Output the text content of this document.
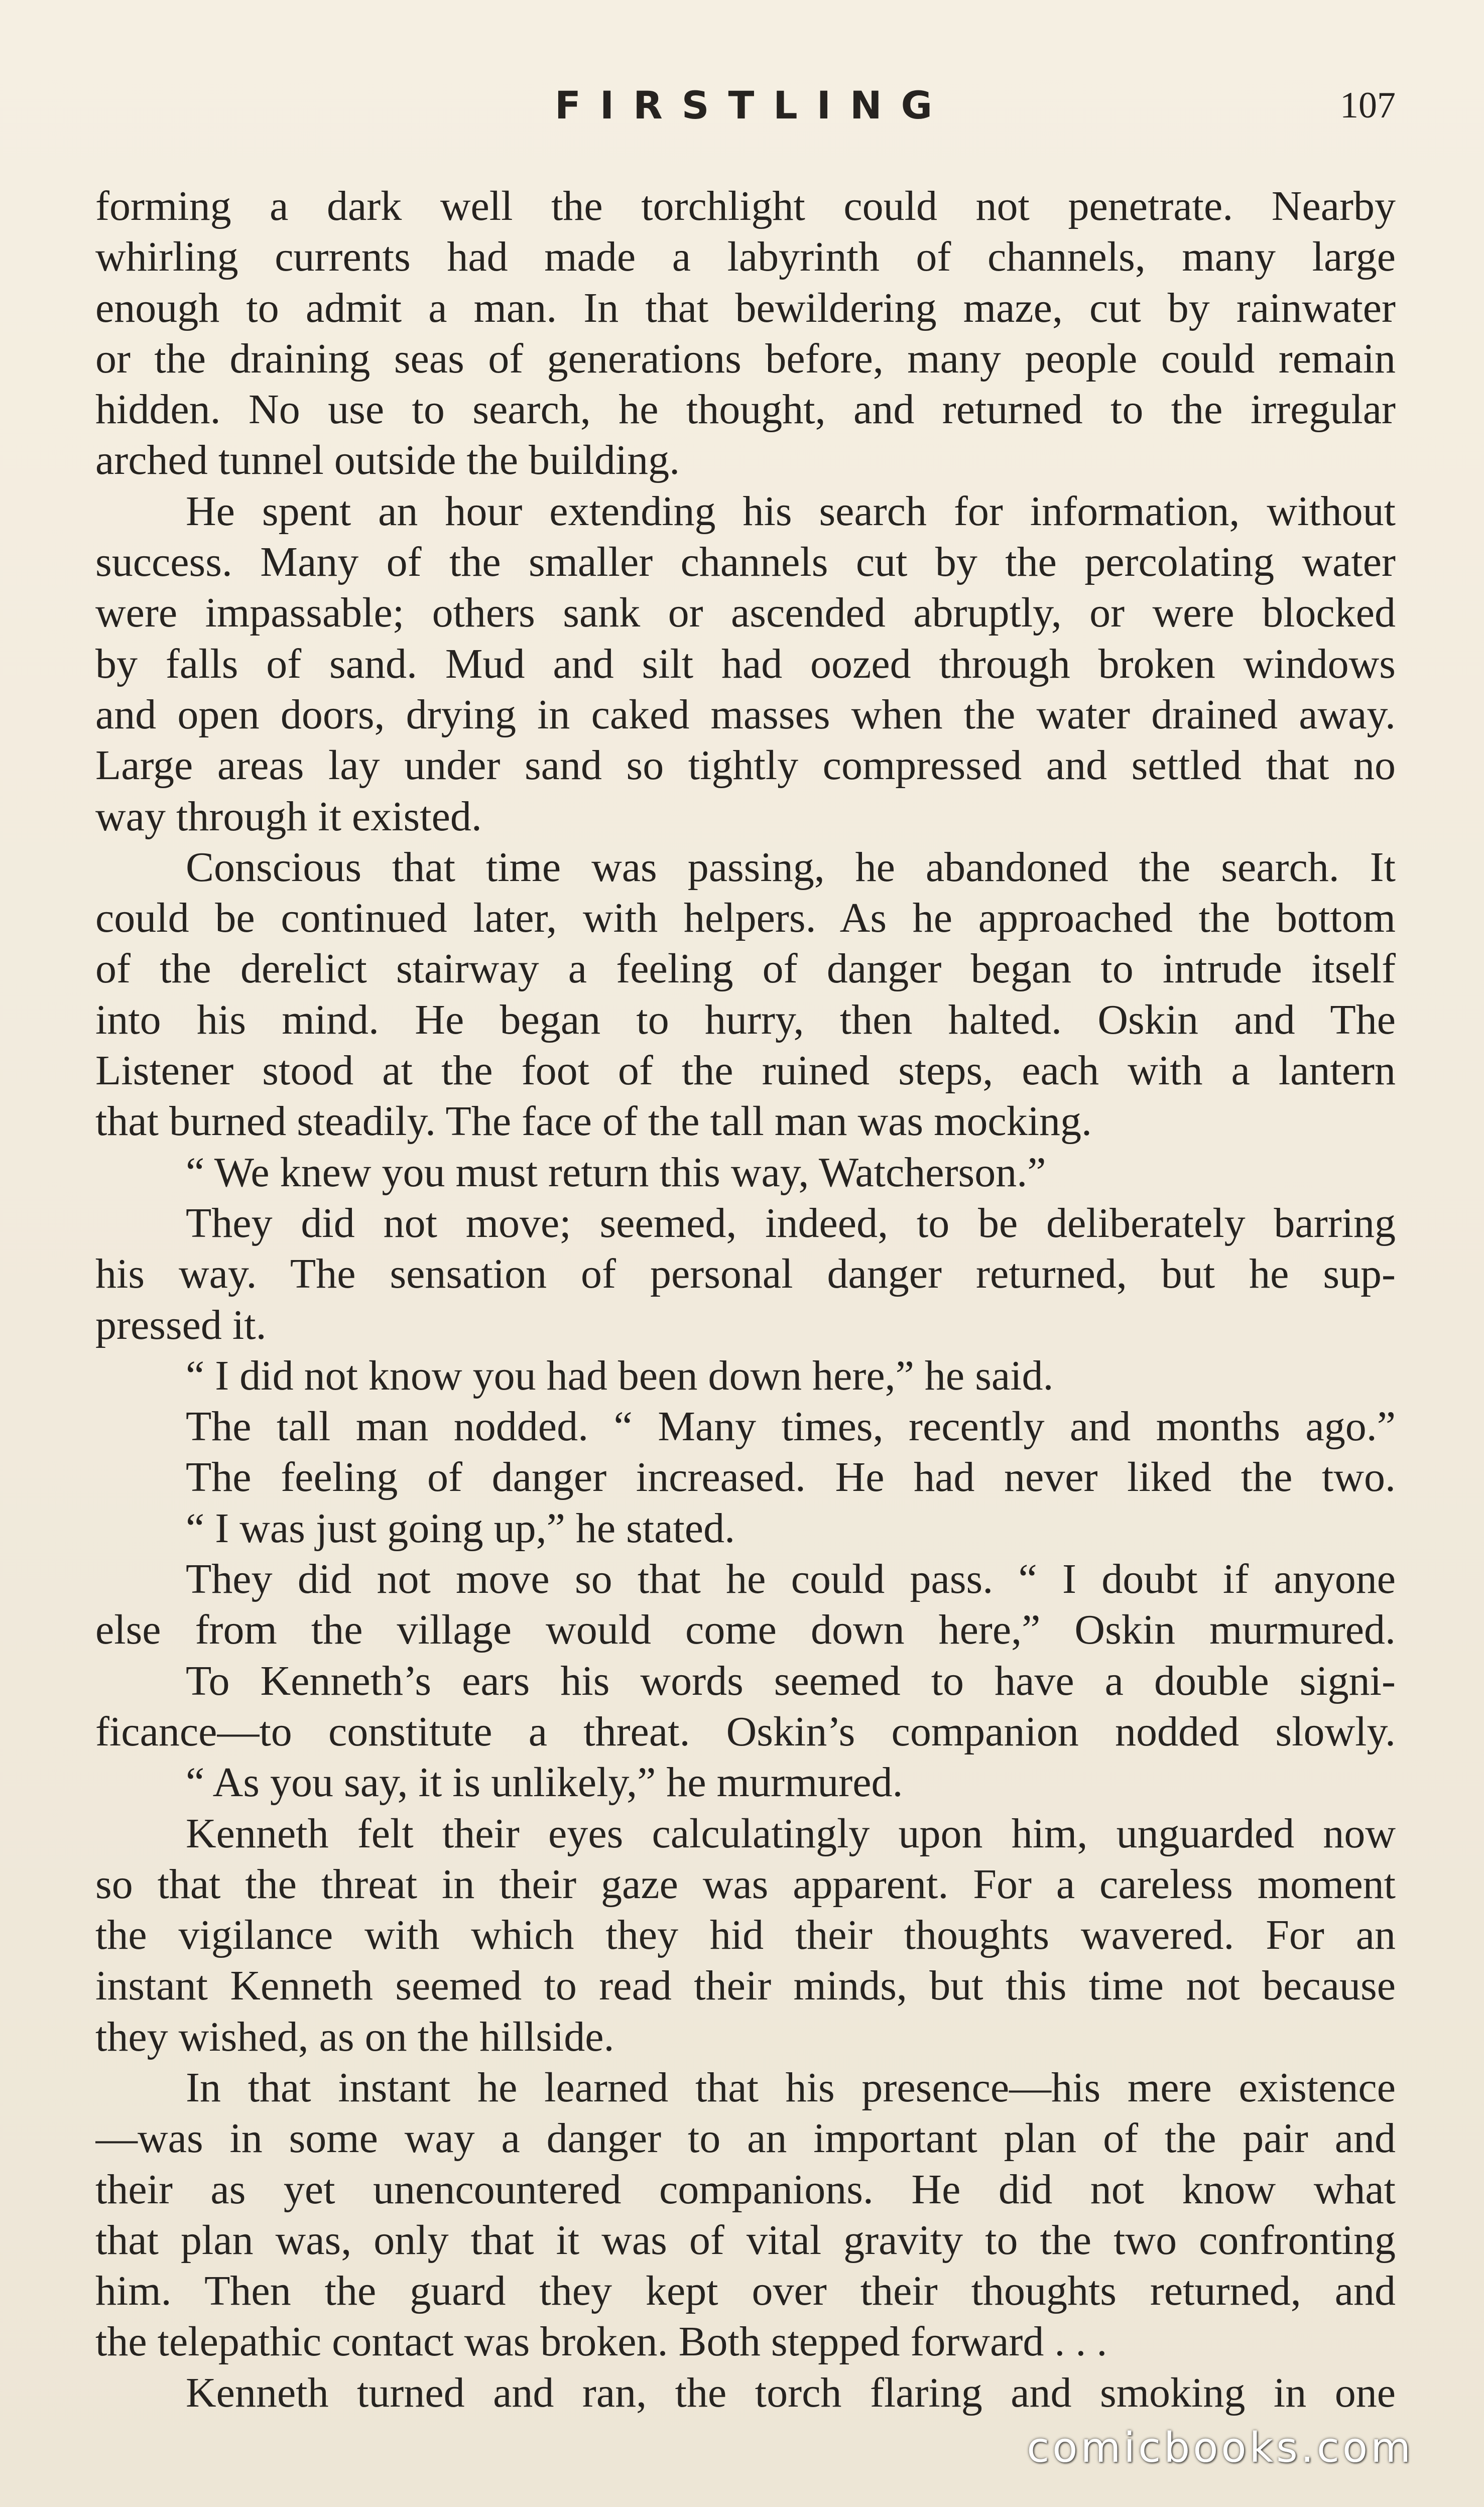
FIRSTLING	107
forming a dark well the torchlight could not penetrate. Nearby
whirling currents had made a labyrinth of channels, many large
enough to admit a man. In that bewildering maze, cut by rainwater
or the draining seas of generations before, many people could remain
hidden. No use to search, he thought, and returned to the irregular
arched tunnel outside the building.
He spent an hour extending his search for information, without
success. Many of the smaller channels cut by the percolating water
were impassable; others sank or ascended abruptly, or were blocked
by falls of sand. Mud and silt had oozed through broken windows
and open doors, drying in caked masses when the water drained away.
Large areas lay under sand so tightly compressed and settled that no
way through it existed.
Conscious that time was passing, he abandoned the search. It
could be continued later, with helpers. As he approached the bottom
of the derelict stairway a feeling of danger began to intrude itself
into his mind. He began to hurry, then halted. Oskin and The
Listener stood at the foot of the ruined steps, each with a lantern
that burned steadily. The face of the tall man was mocking.
“ We knew you must return this way, Watcherson.”
They did not move; seemed, indeed, to be deliberately barring
his way. The sensation of personal danger returned, but he sup-
pressed it.
“ I did not know you had been down here,” he said.
The tall man nodded. “ Many times, recently and months ago.”
The feeling of danger increased. He had never liked the two.
“ I was just going up,” he stated.
They did not move so that he could pass. “ I doubt if anyone
else from the village would come down here,” Oskin murmured.
To Kenneth’s ears his words seemed to have a double signi-
ficance—to constitute a threat. Oskin’s companion nodded slowly.
“ As you say, it is unlikely,” he murmured.
Kenneth felt their eyes calculatingly upon him, unguarded now
so that the threat in their gaze was apparent. For a careless moment
the vigilance with which they hid their thoughts wavered. For an
instant Kenneth seemed to read their minds, but this time not because
they wished, as on the hillside.
In that instant he learned that his presence—his mere existence
—was in some way a danger to an important plan of the pair and
their as yet unencountered companions. He did not know what
that plan was, only that it was of vital gravity to the two confronting
him. Then the guard they kept over their thoughts returned, and
the telepathic contact was broken. Both stepped forward . . .
Kenneth turned and ran, the torch flaring and smoking in one
comicbooks.com
